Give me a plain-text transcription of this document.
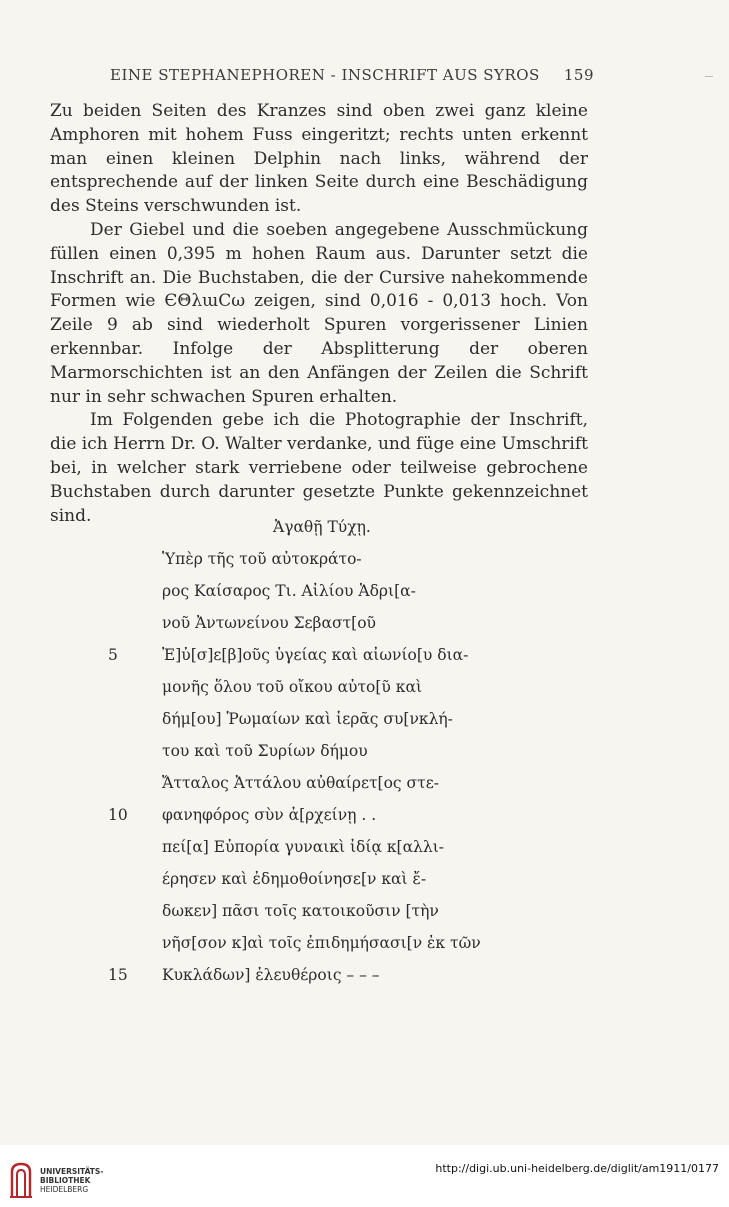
EINE STEPHANEPHOREN - INSCHRIFT AUS SYROS 159

Zu beiden Seiten des Kranzes sind oben zwei ganz kleine Amphoren mit hohem Fuss eingeritzt; rechts unten erkennt man einen kleinen Delphin nach links, während der entsprechende auf der linken Seite durch eine Beschädigung des Steins verschwunden ist.

Der Giebel und die soeben angegebene Ausschmückung füllen einen 0,395 m hohen Raum aus. Darunter setzt die Inschrift an. Die Buchstaben, die der Cursive nahekommende Formen wie ЄΘλɯϹω zeigen, sind 0,016 - 0,013 hoch. Von Zeile 9 ab sind wiederholt Spuren vorgerissener Linien erkennbar. Infolge der Absplitterung der oberen Marmorschichten ist an den Anfängen der Zeilen die Schrift nur in sehr schwachen Spuren erhalten.

Im Folgenden gebe ich die Photographie der Inschrift, die ich Herrn Dr. O. Walter verdanke, und füge eine Umschrift bei, in welcher stark verriebene oder teilweise gebrochene Buchstaben durch darunter gesetzte Punkte gekennzeichnet sind.

Ἀγαθῇ Τύχῃ.
Ὑπὲρ τῆς τοῦ αὐτοκράτο-
ρος Καίσαρος Τι. Αἰλίου Ἁδρι[α-
νοῦ Ἀντωνείνου Σεβαστ[οῦ
5	Ἐ]ὐ[σ]ε[β]οῦς ὑγείας καὶ αἰωνίο[υ δια-
μονῆς ὅλου τοῦ οἴκου αὐτο[ῦ καὶ
δήμ[ου] Ῥωμαίων καὶ ἱερᾶς συ[νκλή-
του καὶ τοῦ Συρίων δήμου
Ἄτταλος Ἀττάλου αὐθαίρετ[ος στε-
10	φανηφόρος σὺν ἀ[ρχείνῃ . .
πεί[α] Εὐπορία γυναικὶ ἰδίᾳ κ[αλλι-
έρησεν καὶ ἐδημοθοίνησε[ν καὶ ἔ-
δωκεν] πᾶσι τοῖς κατοικοῦσιν [τὴν
νῆσ[σον κ]αὶ τοῖς ἐπιδημήσασι[ν ἐκ τῶν
15	Κυκλάδων] ἐλευθέροις – – –
UNIVERSITÄTS-
BIBLIOTHEK
HEIDELBERG
http://digi.ub.uni-heidelberg.de/diglit/am1911/0177
